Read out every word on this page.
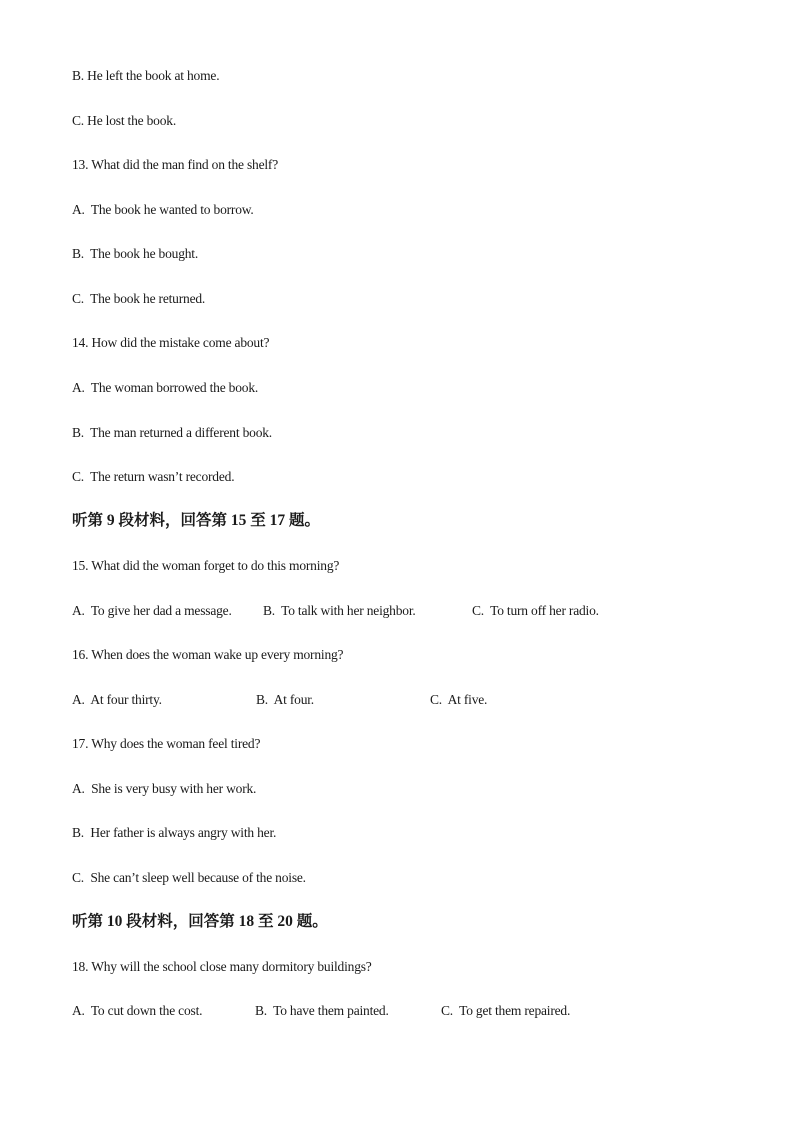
B. He left the book at home.
C. He lost the book.
13. What did the man find on the shelf?
A.  The book he wanted to borrow.
B.  The book he bought.
C.  The book he returned.
14. How did the mistake come about?
A.  The woman borrowed the book.
B.  The man returned a different book.
C.  The return wasn’t recorded.
听第 9 段材料，回答第 15 至 17 题。
15. What did the woman forget to do this morning?
A.  To give her dad a message. B.  To talk with her neighbor.	C.  To turn off her radio.
16. When does the woman wake up every morning?
A.  At four thirty.	B.  At four.	C.  At five.
17. Why does the woman feel tired?
A.  She is very busy with her work.
B.  Her father is always angry with her.
C.  She can’t sleep well because of the noise.
听第 10 段材料，回答第 18 至 20 题。
18. Why will the school close many dormitory buildings?
A.  To cut down the cost.	B.  To have them painted.	C.  To get them repaired.
